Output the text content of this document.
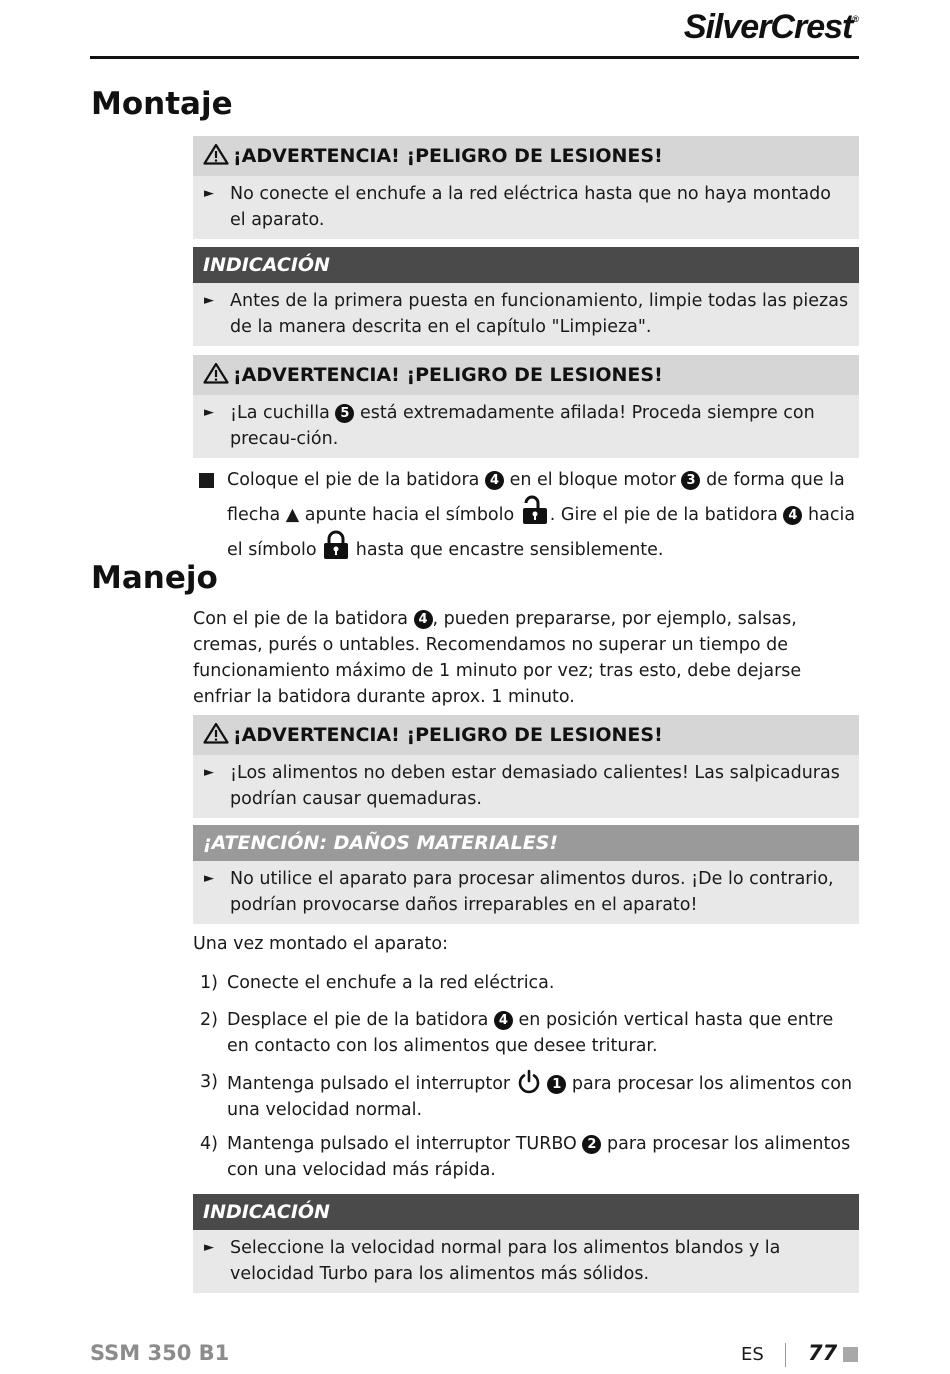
SilverCrest®
Montaje
¡ADVERTENCIA! ¡PELIGRO DE LESIONES!
► No conecte el enchufe a la red eléctrica hasta que no haya montado el aparato.
INDICACIÓN
► Antes de la primera puesta en funcionamiento, limpie todas las piezas de la manera descrita en el capítulo "Limpieza".
¡ADVERTENCIA! ¡PELIGRO DE LESIONES!
► ¡La cuchilla 5 está extremadamente afilada! Proceda siempre con precau-ción.
Coloque el pie de la batidora 4 en el bloque motor 3 de forma que la flecha ▲ apunte hacia el símbolo . Gire el pie de la batidora 4 hacia el símbolo hasta que encastre sensiblemente.
Manejo
Con el pie de la batidora 4 , pueden prepararse, por ejemplo, salsas, cremas, purés o untables. Recomendamos no superar un tiempo de funcionamiento máximo de 1 minuto por vez; tras esto, debe dejarse enfriar la batidora durante aprox. 1 minuto.
¡ADVERTENCIA! ¡PELIGRO DE LESIONES!
► ¡Los alimentos no deben estar demasiado calientes! Las salpicaduras podrían causar quemaduras.
¡ATENCIÓN: DAÑOS MATERIALES!
► No utilice el aparato para procesar alimentos duros. ¡De lo contrario, podrían provocarse daños irreparables en el aparato!
Una vez montado el aparato:
1) Conecte el enchufe a la red eléctrica.
2) Desplace el pie de la batidora 4 en posición vertical hasta que entre en contacto con los alimentos que desee triturar.
3) Mantenga pulsado el interruptor	1 para procesar los alimentos con una velocidad normal.
4) Mantenga pulsado el interruptor TURBO 2 para procesar los alimentos con una velocidad más rápida.
INDICACIÓN
► Seleccione la velocidad normal para los alimentos blandos y la velocidad Turbo para los alimentos más sólidos.
SSM 350 B1	ES 77
